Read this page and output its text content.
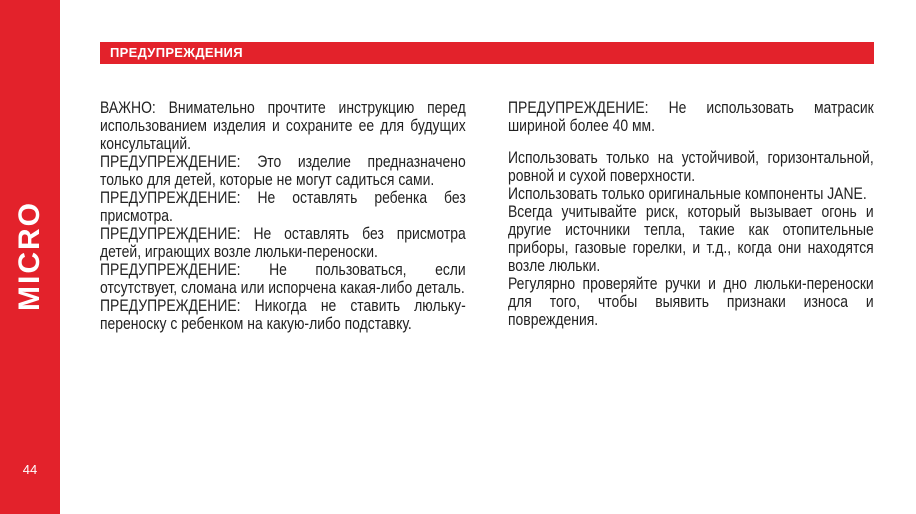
MICRO
44
ПРЕДУПРЕЖДЕНИЯ

ВАЖНО: Внимательно прочтите инструкцию перед использованием изделия и сохраните ее для будущих консультаций.

ПРЕДУПРЕЖДЕНИЕ: Это изделие предназначено только для детей, которые не могут садиться сами.

ПРЕДУПРЕЖДЕНИЕ: Не оставлять ребенка без присмотра.

ПРЕДУПРЕЖДЕНИЕ: Не оставлять без присмотра детей, играющих возле люльки-переноски.

ПРЕДУПРЕЖДЕНИЕ: Не пользоваться, если отсутствует, сломана или испорчена какая-либо деталь.

ПРЕДУПРЕЖДЕНИЕ: Никогда не ставить люльку-переноску с ребенком на какую-либо подставку.

ПРЕДУПРЕЖДЕНИЕ: Не использовать матрасик шириной более 40 мм.

Использовать только на устойчивой, горизонтальной, ровной и сухой поверхности.

Использовать только оригинальные компоненты JANE.

Всегда учитывайте риск, который вызывает огонь и другие источники тепла, такие как отопительные приборы, газовые горелки, и т.д., когда они находятся возле люльки.

Регулярно проверяйте ручки и дно люльки-переноски для того, чтобы выявить признаки износа и повреждения.
